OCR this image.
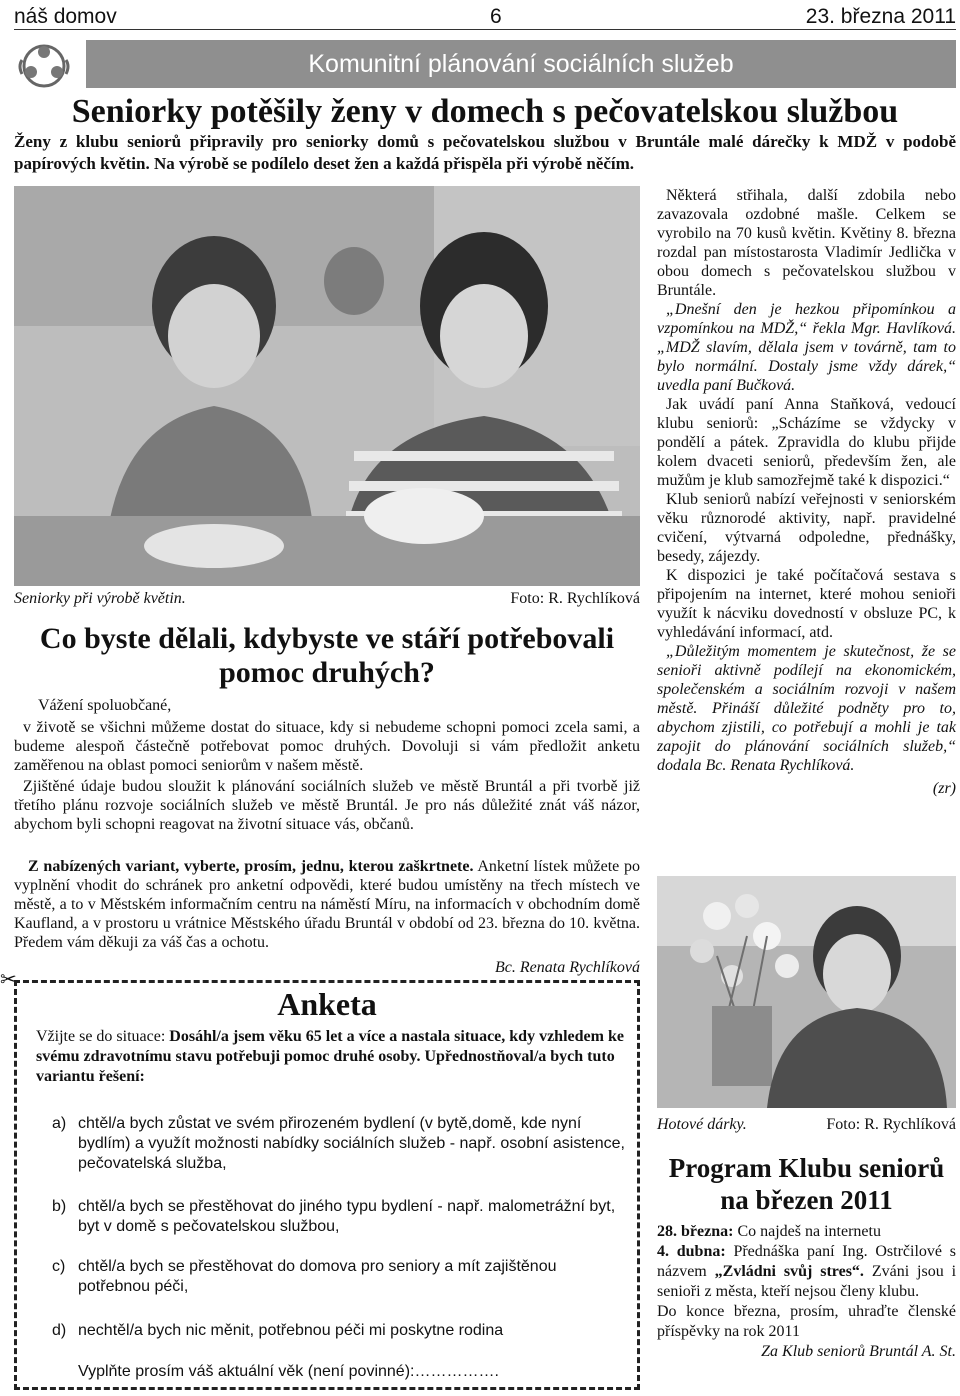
náš domov	6	23. března 2011
Komunitní plánování sociálních služeb
Seniorky potěšily ženy v domech s pečovatelskou službou
Ženy z klubu seniorů připravily pro seniorky domů s pečovatelskou službou v Bruntále malé dárečky k MDŽ v podobě papírových květin. Na výrobě se podílelo deset žen a každá přispěla při výrobě něčím.
Seniorky při výrobě květin.	Foto: R. Rychlíková
Co byste dělali, kdybyste ve stáří potřebovali pomoc druhých?
Vážení spoluobčané,
v životě se všichni můžeme dostat do situace, kdy si nebudeme schopni pomoci zcela sami, a budeme alespoň částečně potřebovat pomoc druhých. Dovoluji si vám předložit anketu zaměřenou na oblast pomoci seniorům v našem městě.
Zjištěné údaje budou sloužit k plánování sociálních služeb ve městě Bruntál a při tvorbě již třetího plánu rozvoje sociálních služeb ve městě Bruntál. Je pro nás důležité znát váš názor, abychom byli schopni reagovat na životní situace vás, občanů.
Z nabízených variant, vyberte, prosím, jednu, kterou zaškrtnete. Anketní lístek můžete po vyplnění vhodit do schránek pro anketní odpovědi, které budou umístěny na třech místech ve městě, a to v Městském informačním centru na náměstí Míru, na informacích v obchodním domě Kaufland, a v prostoru u vrátnice Městského úřadu Bruntál v období od 23. března do 10. května. Předem vám děkuji za váš čas a ochotu.
Bc. Renata Rychlíková
✂
Anketa
Vžijte se do situace: Dosáhl/a jsem věku 65 let a více a nastala situace, kdy vzhledem ke svému zdravotnímu stavu potřebuji pomoc druhé osoby. Upřednostňoval/a bych tuto variantu řešení:
a) chtěl/a bych zůstat ve svém přirozeném bydlení (v bytě,domě, kde nyní bydlím) a využít možnosti nabídky sociálních služeb - např. osobní asistence, pečovatelská služba,
b) chtěl/a bych se přestěhovat do jiného typu bydlení - např. malometrážní byt, byt v domě s pečovatelskou službou,
c) chtěl/a bych se přestěhovat do domova pro seniory a mít zajištěnou potřebnou péči,
d) nechtěl/a bych nic měnit, potřebnou péči mi poskytne rodina
Vyplňte prosím váš aktuální věk (není povinné):…………….

Některá střihala, další zdobila nebo zavazovala ozdobné mašle. Celkem se vyrobilo na 70 kusů květin. Květiny 8. března rozdal pan místostarosta Vladimír Jedlička v obou domech s pečovatelskou službou v Bruntále.

„Dnešní den je hezkou připomínkou a vzpomínkou na MDŽ,“ řekla Mgr. Havlíková. „MDŽ slavím, dělala jsem v továrně, tam to bylo normální. Dostaly jsme vždy dárek,“ uvedla paní Bučková.

Jak uvádí paní Anna Staňková, vedoucí klubu seniorů: „Scházíme se vždycky v pondělí a pátek. Zpravidla do klubu přijde kolem dvaceti seniorů, především žen, ale mužům je klub samozřejmě také k dispozici.“

Klub seniorů nabízí veřejnosti v seniorském věku různorodé aktivity, např. pravidelné cvičení, výtvarná odpoledne, přednášky, besedy, zájezdy.

K dispozici je také počítačová sestava s připojením na internet, které mohou senioři využít k nácviku dovedností v obsluze PC, k vyhledávání informací, atd.

„Důležitým momentem je skutečnost, že se senioři aktivně podílejí na ekonomickém, společenském a sociálním rozvoji v našem městě. Přináší důležité podněty pro to, abychom zjistili, co potřebují a mohli je tak zapojit do plánování sociálních služeb,“ dodala Bc. Renata Rychlíková.

(zr)

Hotové dárky.	Foto: R. Rychlíková
Program Klubu seniorů na březen 2011
28. března: Co najdeš na internetu
4. dubna: Přednáška paní Ing. Ostrčilové s názvem „Zvládni svůj stres“. Zváni jsou i senioři z města, kteří nejsou členy klubu.
Do konce března, prosím, uhraďte členské příspěvky na rok 2011
Za Klub seniorů Bruntál A. St.
